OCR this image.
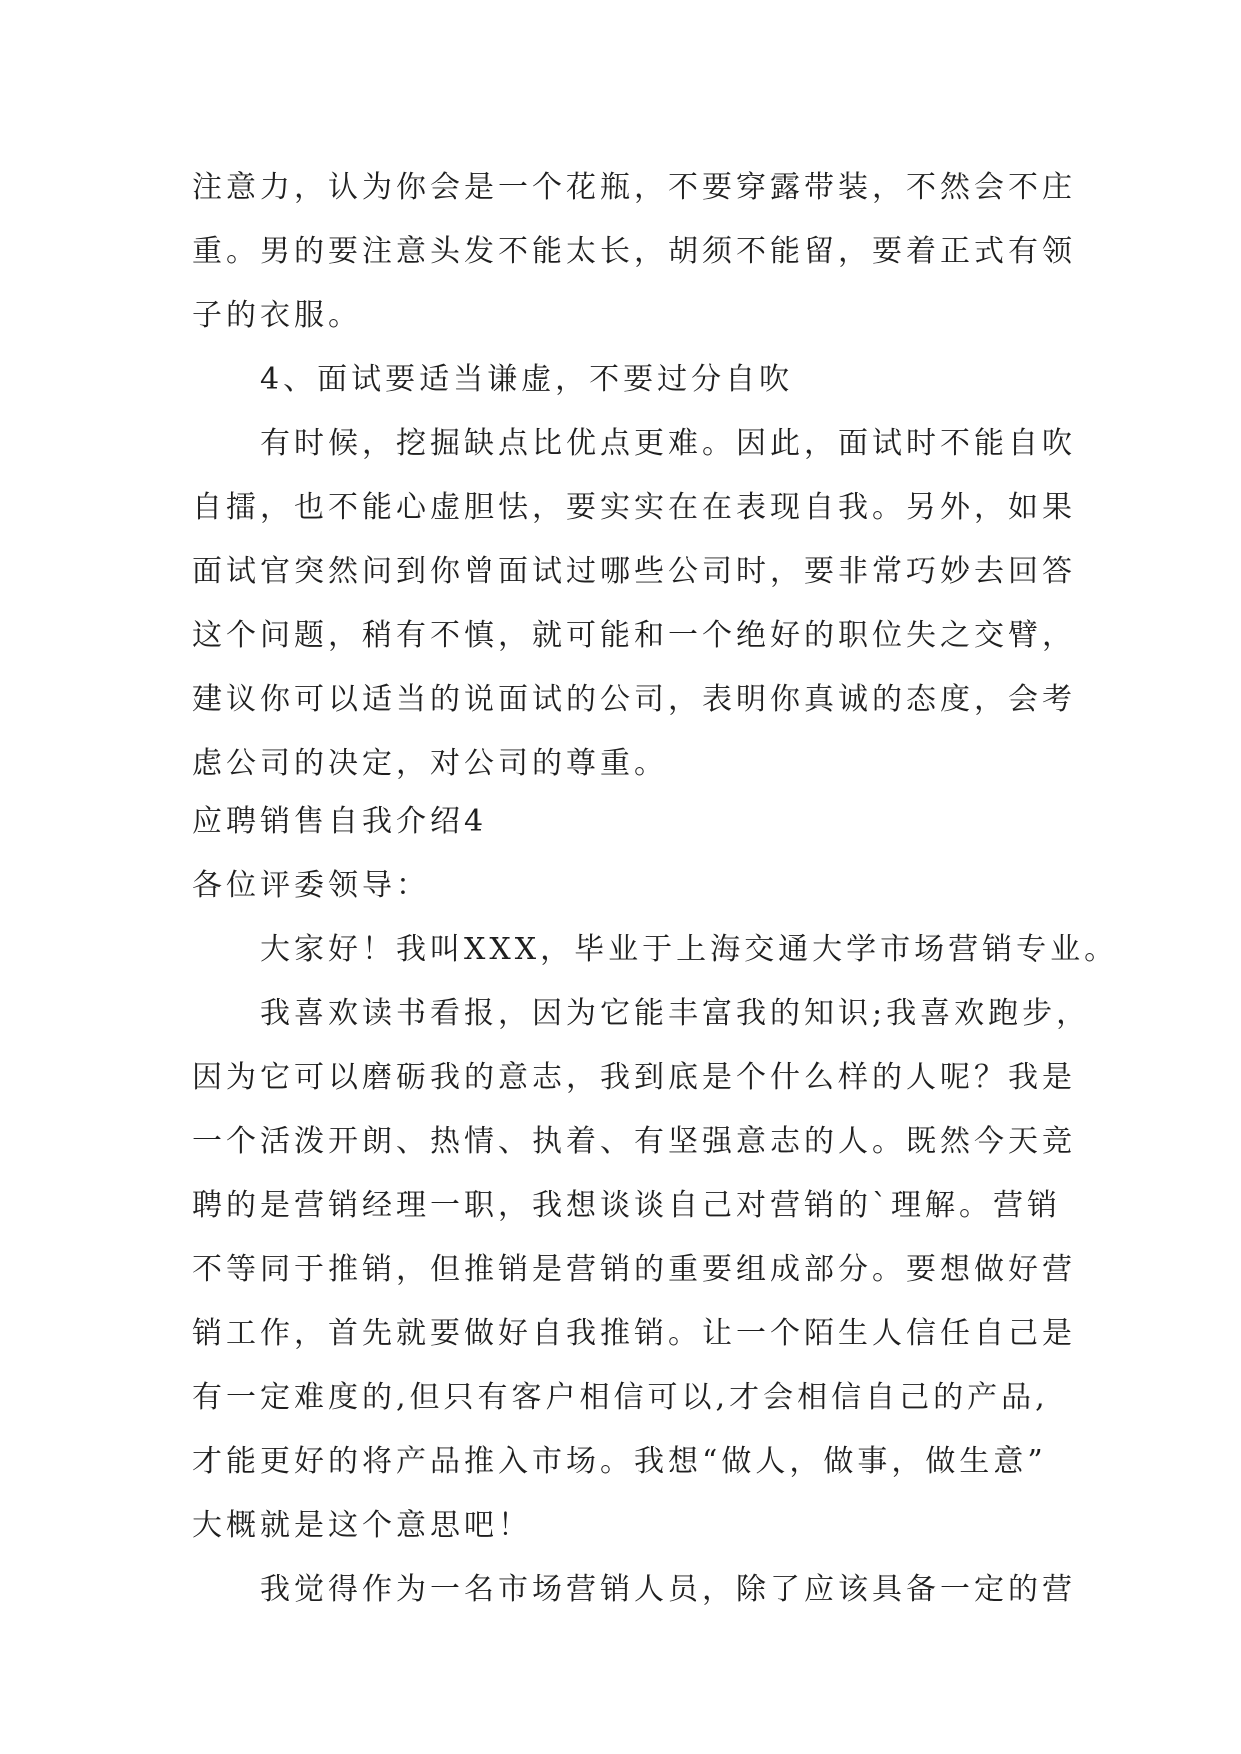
注意力，认为你会是一个花瓶，不要穿露带装，不然会不庄
重。男的要注意头发不能太长，胡须不能留，要着正式有领
子的衣服。
4、面试要适当谦虚，不要过分自吹
有时候，挖掘缺点比优点更难。因此，面试时不能自吹
自擂，也不能心虚胆怯，要实实在在表现自我。另外，如果
面试官突然问到你曾面试过哪些公司时，要非常巧妙去回答
这个问题，稍有不慎，就可能和一个绝好的职位失之交臂，
建议你可以适当的说面试的公司，表明你真诚的态度，会考
虑公司的决定，对公司的尊重。
应聘销售自我介绍4
各位评委领导：
大家好！我叫XXX，毕业于上海交通大学市场营销专业。
我喜欢读书看报，因为它能丰富我的知识;我喜欢跑步，
因为它可以磨砺我的意志，我到底是个什么样的人呢？我是
一个活泼开朗、热情、执着、有坚强意志的人。既然今天竞
聘的是营销经理一职，我想谈谈自己对营销的`理解。营销
不等同于推销，但推销是营销的重要组成部分。要想做好营
销工作，首先就要做好自我推销。让一个陌生人信任自己是
有一定难度的,但只有客户相信可以,才会相信自己的产品,
才能更好的将产品推入市场。我想“做人，做事，做生意”
大概就是这个意思吧！
我觉得作为一名市场营销人员，除了应该具备一定的营
